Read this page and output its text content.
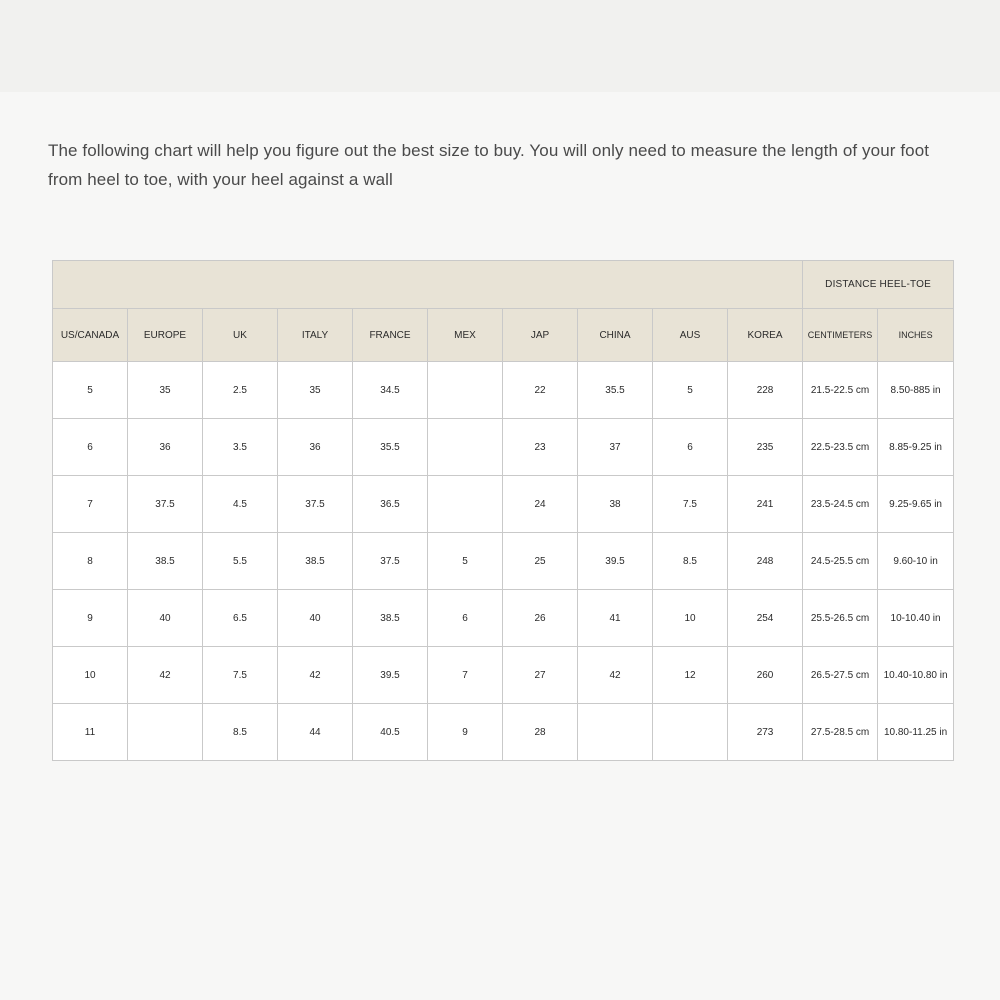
The following chart will help you figure out the best size to buy. You will only need to measure the length of your foot from heel to toe, with your heel against a wall

										DISTANCE HEEL-TOE	
US/CANADA	EUROPE	UK	ITALY	FRANCE	MEX	JAP	CHINA	AUS	KOREA	CENTIMETERS	INCHES
5	35	2.5	35	34.5		22	35.5	5	228	21.5-22.5 cm	8.50-885 in
6	36	3.5	36	35.5		23	37	6	235	22.5-23.5 cm	8.85-9.25 in
7	37.5	4.5	37.5	36.5		24	38	7.5	241	23.5-24.5 cm	9.25-9.65 in
8	38.5	5.5	38.5	37.5	5	25	39.5	8.5	248	24.5-25.5 cm	9.60-10 in
9	40	6.5	40	38.5	6	26	41	10	254	25.5-26.5 cm	10-10.40 in
10	42	7.5	42	39.5	7	27	42	12	260	26.5-27.5 cm	10.40-10.80 in
11		8.5	44	40.5	9	28			273	27.5-28.5 cm	10.80-11.25 in
